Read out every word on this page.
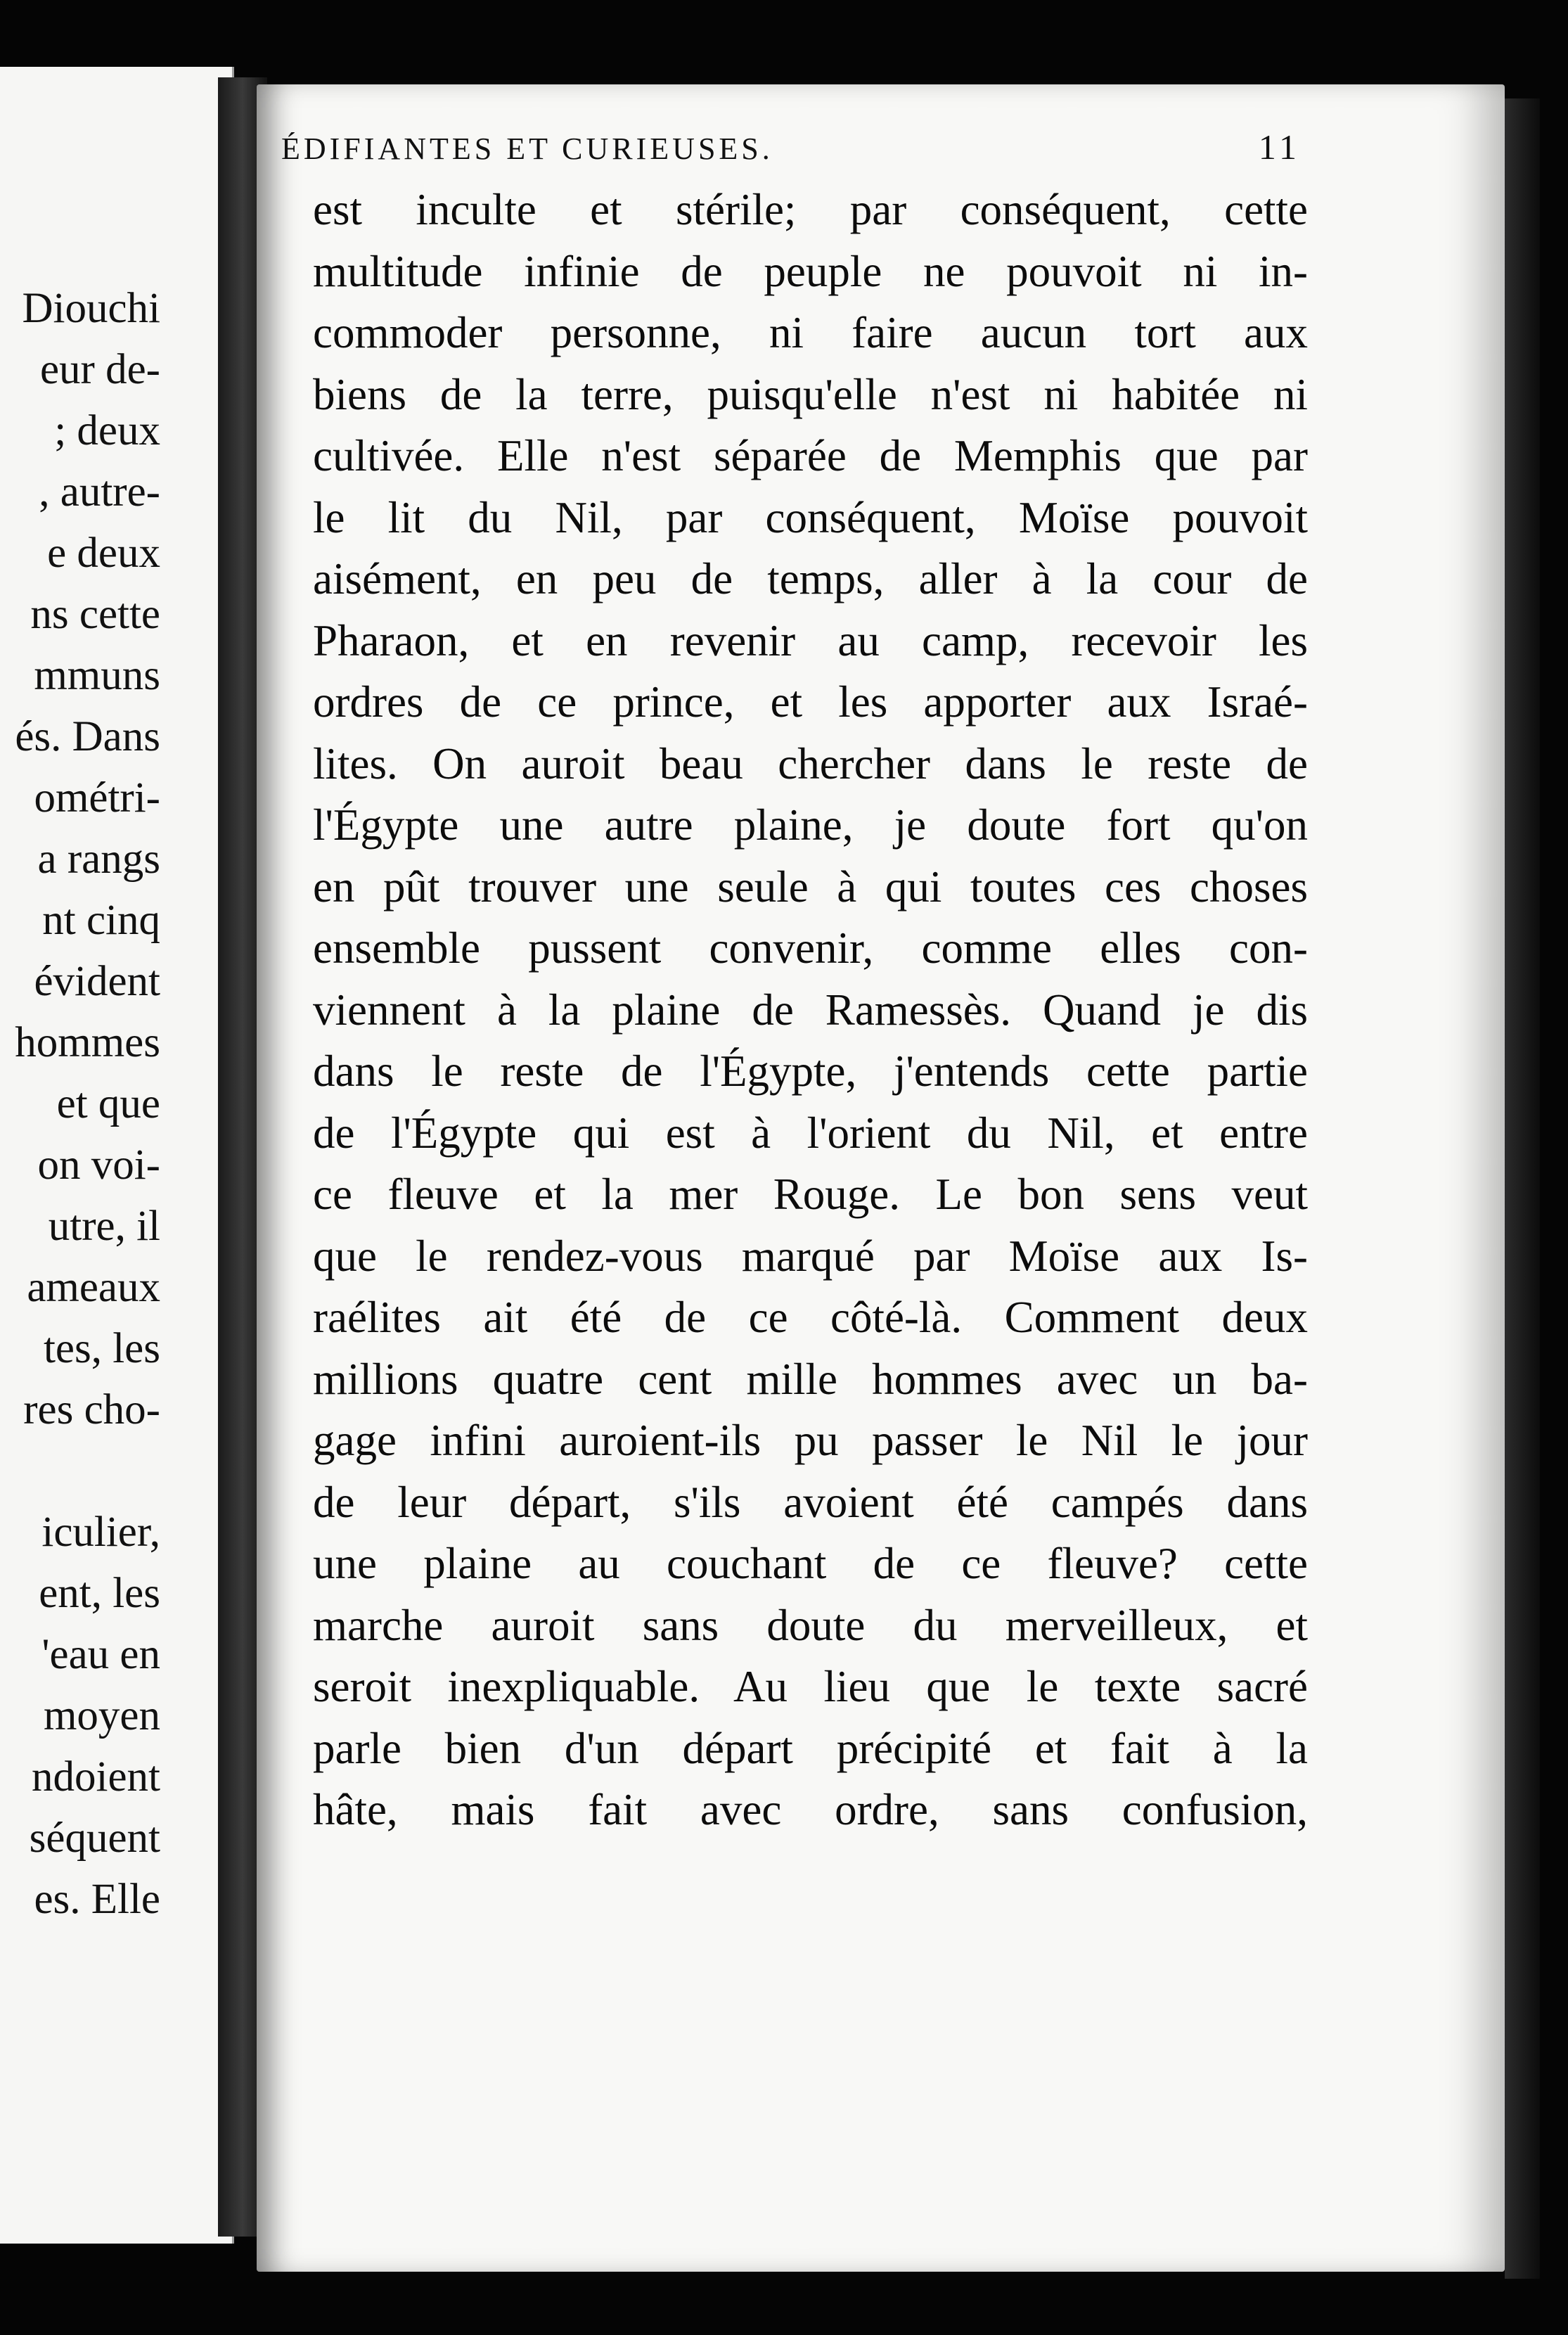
Diouchi
eur de-
; deux
, autre-
e deux
ns cette
mmuns
és. Dans
ométri-
a rangs
nt cinq
évident
hommes
et que
on voi-
utre, il
ameaux
tes, les
res cho-
iculier,
ent, les
'eau en
moyen
ndoient
séquent
es. Elle
ÉDIFIANTES ET CURIEUSES.	11
est inculte et stérile; par conséquent, cette
multitude infinie de peuple ne pouvoit ni in-
commoder personne, ni faire aucun tort aux
biens de la terre, puisqu'elle n'est ni habitée ni
cultivée. Elle n'est séparée de Memphis que par
le lit du Nil, par conséquent, Moïse pouvoit
aisément, en peu de temps, aller à la cour de
Pharaon, et en revenir au camp, recevoir les
ordres de ce prince, et les apporter aux Israé-
lites. On auroit beau chercher dans le reste de
l'Égypte une autre plaine, je doute fort qu'on
en pût trouver une seule à qui toutes ces choses
ensemble pussent convenir, comme elles con-
viennent à la plaine de Ramessès. Quand je dis
dans le reste de l'Égypte, j'entends cette partie
de l'Égypte qui est à l'orient du Nil, et entre
ce fleuve et la mer Rouge. Le bon sens veut
que le rendez-vous marqué par Moïse aux Is-
raélites ait été de ce côté-là. Comment deux
millions quatre cent mille hommes avec un ba-
gage infini auroient-ils pu passer le Nil le jour
de leur départ, s'ils avoient été campés dans
une plaine au couchant de ce fleuve? cette
marche auroit sans doute du merveilleux, et
seroit inexpliquable. Au lieu que le texte sacré
parle bien d'un départ précipité et fait à la
hâte, mais fait avec ordre, sans confusion,
